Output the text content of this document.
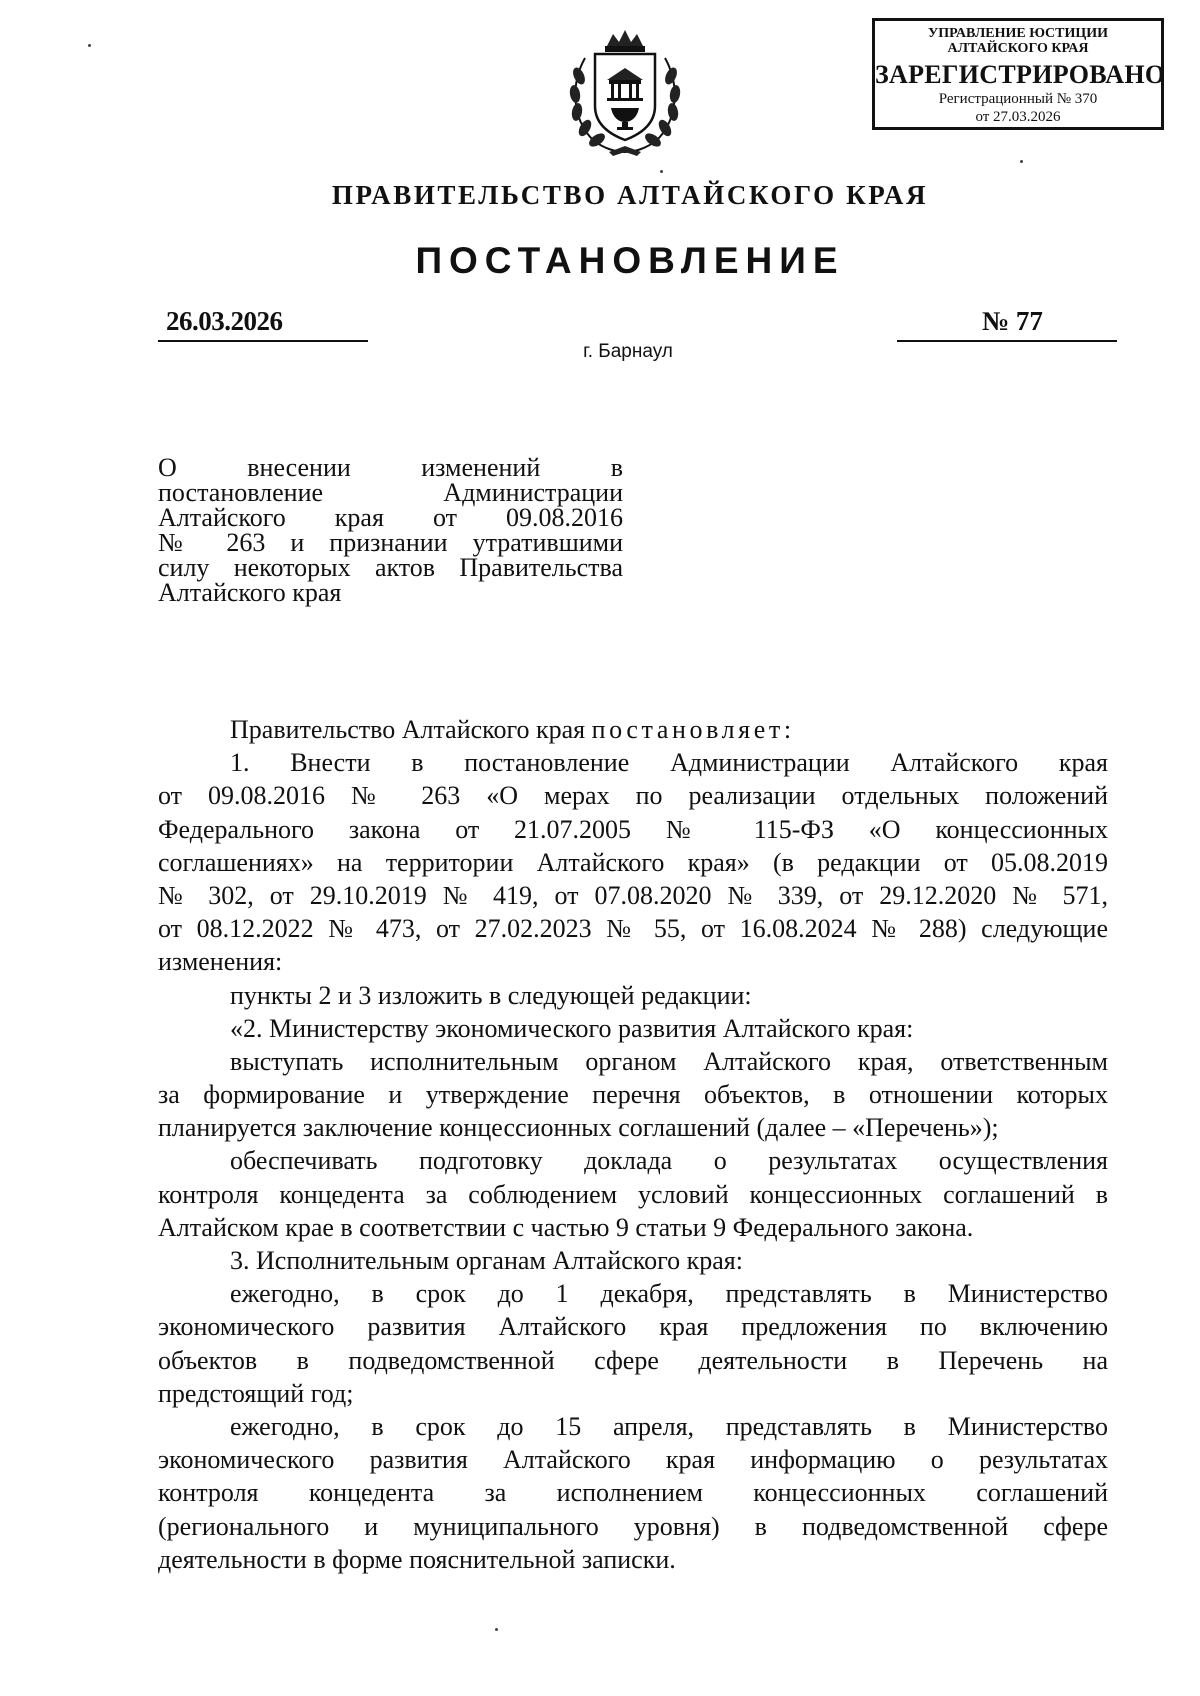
УПРАВЛЕНИЕ ЮСТИЦИИ
АЛТАЙСКОГО КРАЯ
ЗАРЕГИСТРИРОВАНО
Регистрационный № 370
от 27.03.2026
ПРАВИТЕЛЬСТВО АЛТАЙСКОГО КРАЯ
ПОСТАНОВЛЕНИЕ
26.03.2026	№ 77
г. Барнаул
О внесении изменений в
постановление Администрации
Алтайского края от 09.08.2016
№ 263 и признании утратившими
силу некоторых актов Правительства
Алтайского края
Правительство Алтайского края постановляет:
1. Внести в постановление Администрации Алтайского края
от 09.08.2016 № 263 «О мерах по реализации отдельных положений
Федерального закона от 21.07.2005 № 115-ФЗ «О концессионных
соглашениях» на территории Алтайского края» (в редакции от 05.08.2019
№ 302, от 29.10.2019 № 419, от 07.08.2020 № 339, от 29.12.2020 № 571,
от 08.12.2022 № 473, от 27.02.2023 № 55, от 16.08.2024 № 288) следующие
изменения:
пункты 2 и 3 изложить в следующей редакции:
«2. Министерству экономического развития Алтайского края:
выступать исполнительным органом Алтайского края, ответственным
за формирование и утверждение перечня объектов, в отношении которых
планируется заключение концессионных соглашений (далее – «Перечень»);
обеспечивать подготовку доклада о результатах осуществления
контроля концедента за соблюдением условий концессионных соглашений в
Алтайском крае в соответствии с частью 9 статьи 9 Федерального закона.
3. Исполнительным органам Алтайского края:
ежегодно, в срок до 1 декабря, представлять в Министерство
экономического развития Алтайского края предложения по включению
объектов в подведомственной сфере деятельности в Перечень на
предстоящий год;
ежегодно, в срок до 15 апреля, представлять в Министерство
экономического развития Алтайского края информацию о результатах
контроля концедента за исполнением концессионных соглашений
(регионального и муниципального уровня) в подведомственной сфере
деятельности в форме пояснительной записки.
